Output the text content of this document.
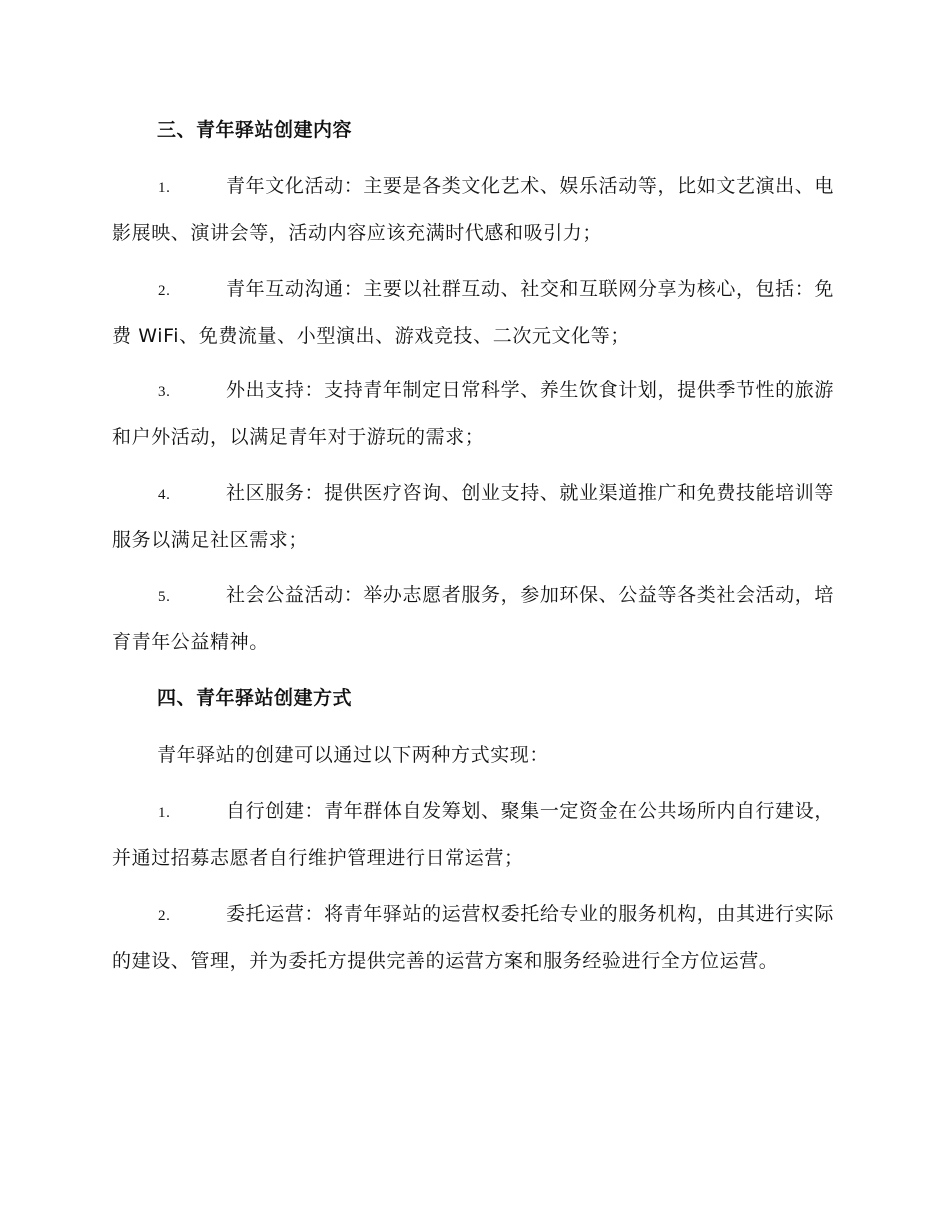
三、青年驿站创建内容
1.	青年文化活动：主要是各类文化艺术、娱乐活动等，比如文艺演出、电影展映、演讲会等，活动内容应该充满时代感和吸引力；
2.	青年互动沟通：主要以社群互动、社交和互联网分享为核心，包括：免费 WiFi、免费流量、小型演出、游戏竞技、二次元文化等；
3.	外出支持：支持青年制定日常科学、养生饮食计划，提供季节性的旅游和户外活动，以满足青年对于游玩的需求；
4.	社区服务：提供医疗咨询、创业支持、就业渠道推广和免费技能培训等服务以满足社区需求；
5.	社会公益活动：举办志愿者服务，参加环保、公益等各类社会活动，培育青年公益精神。
四、青年驿站创建方式
青年驿站的创建可以通过以下两种方式实现：
1.	自行创建：青年群体自发筹划、聚集一定资金在公共场所内自行建设，并通过招募志愿者自行维护管理进行日常运营；
2.	委托运营：将青年驿站的运营权委托给专业的服务机构，由其进行实际的建设、管理，并为委托方提供完善的运营方案和服务经验进行全方位运营。
